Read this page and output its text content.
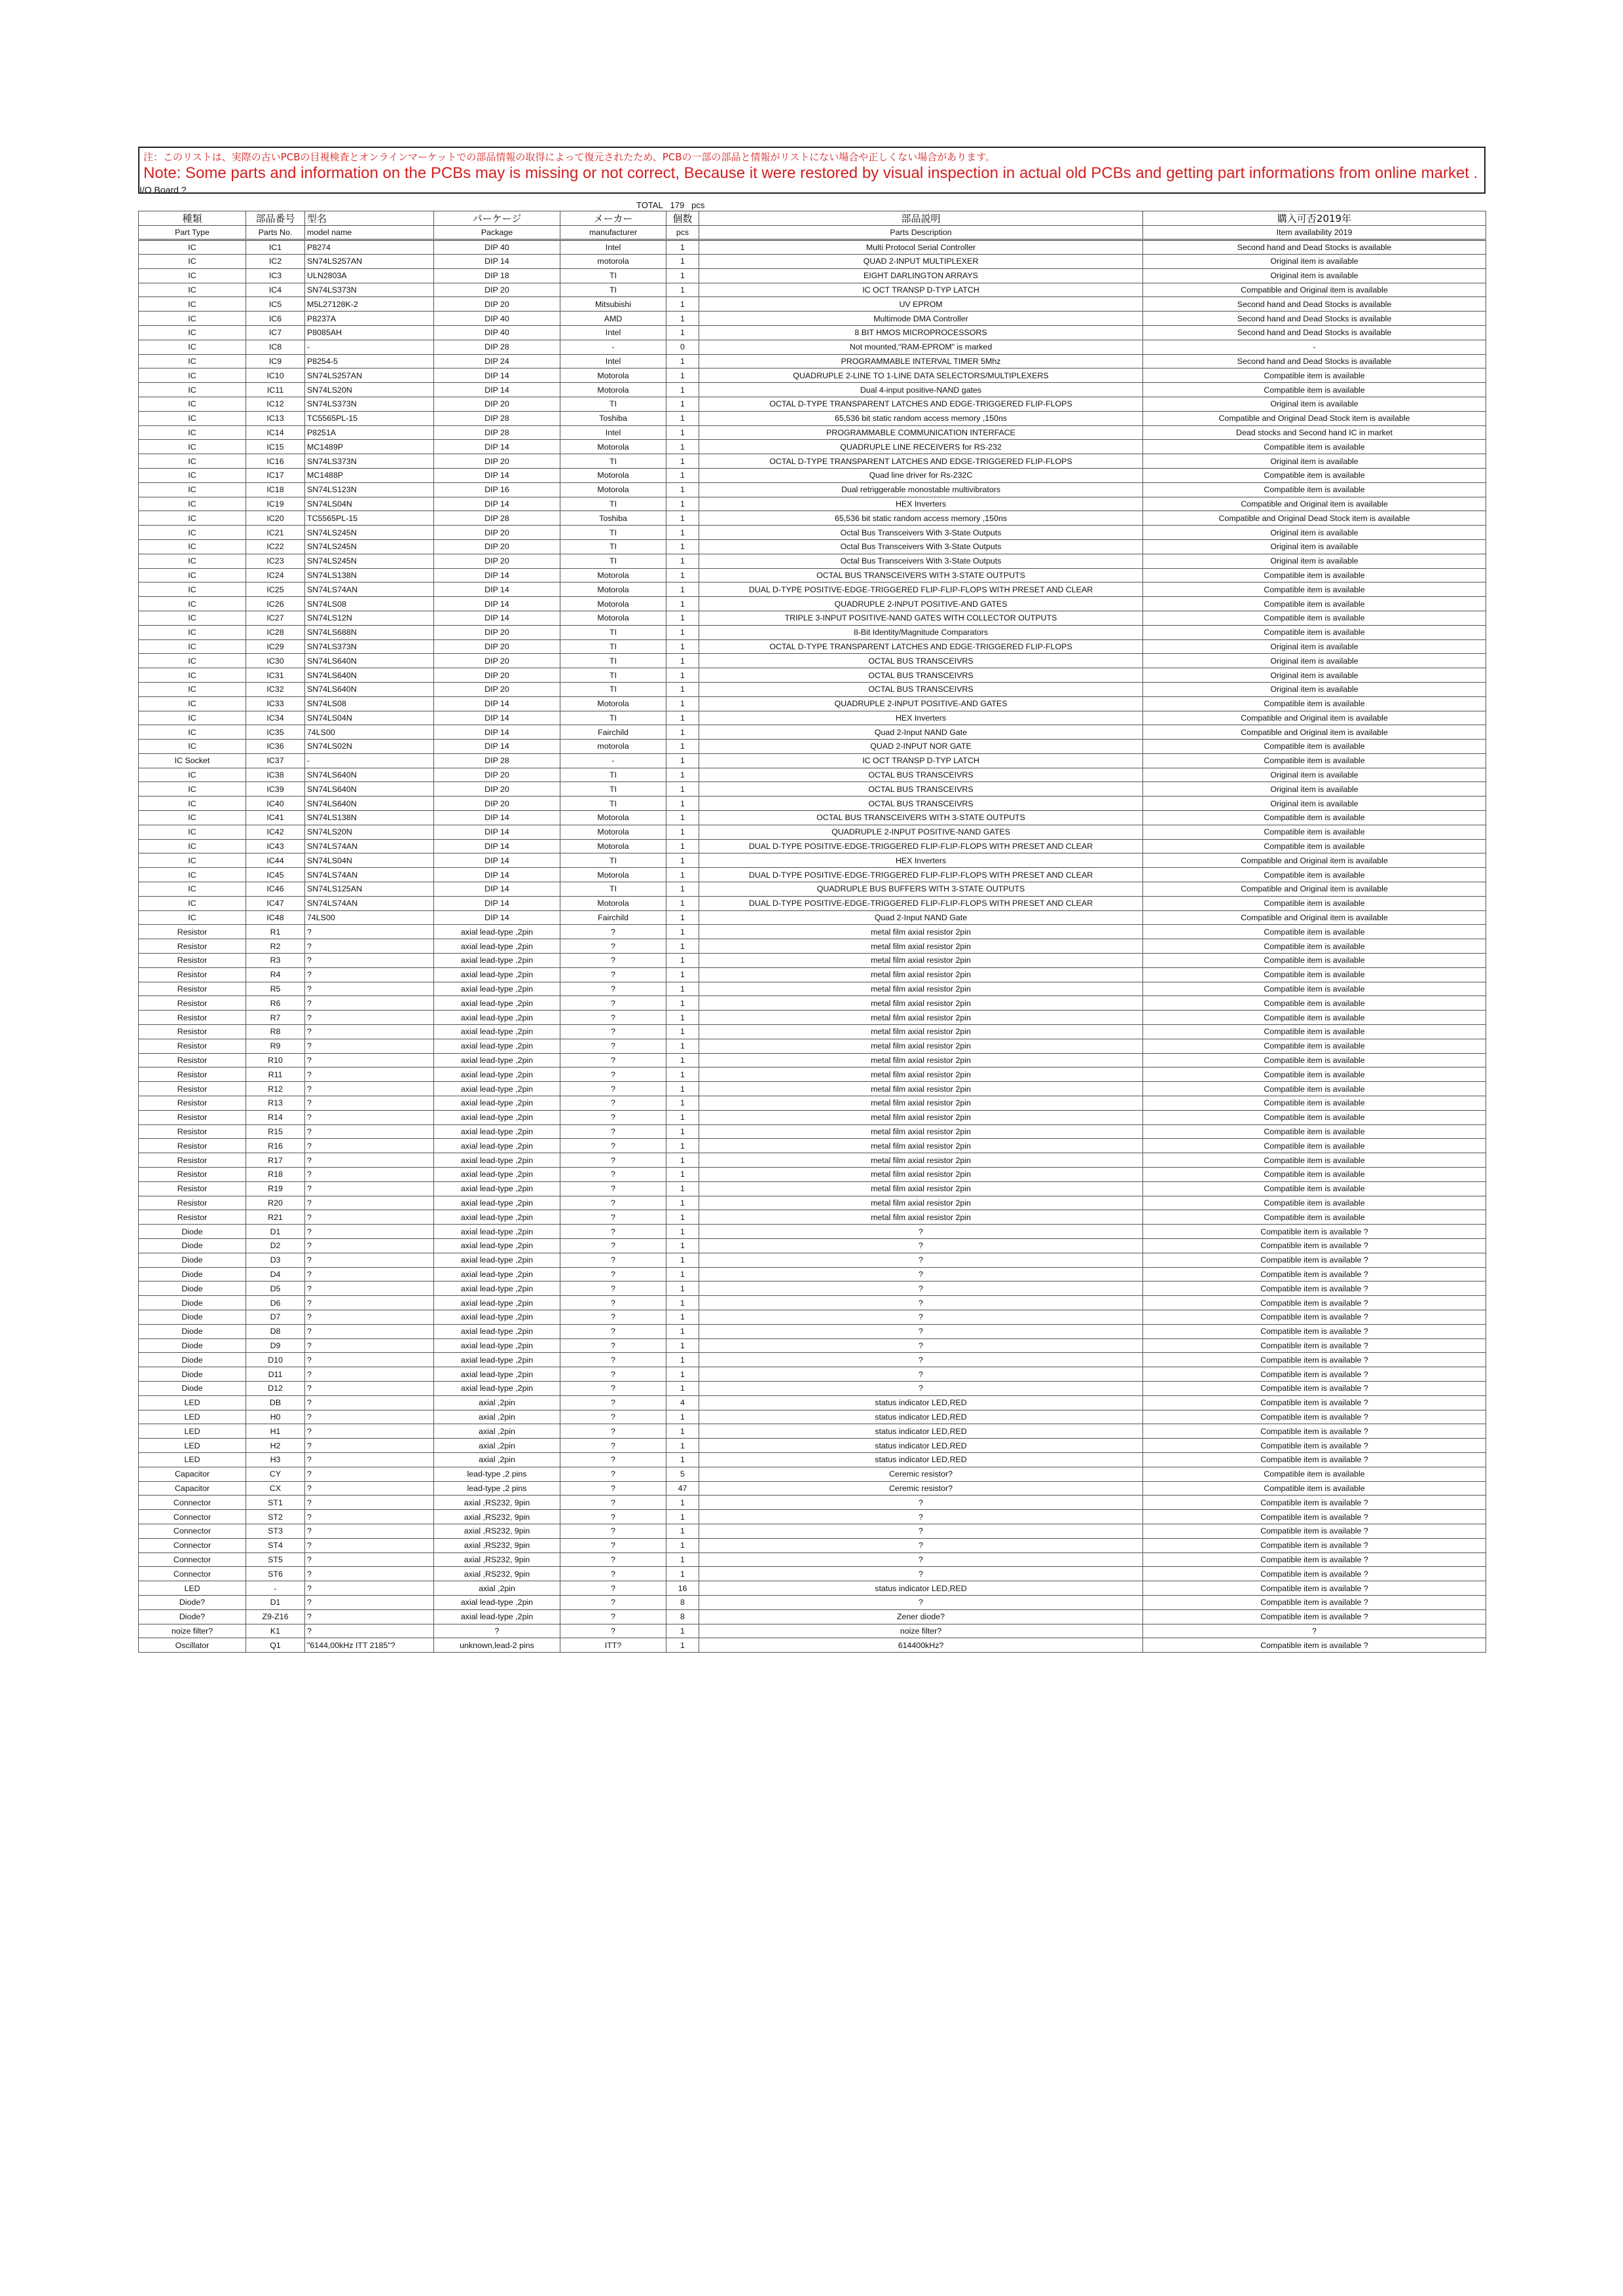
注：このリストは、実際の古いPCBの目視検査とオンラインマーケットでの部品情報の取得によって復元されたため、PCBの一部の部品と情報がリストにない場合や正しくない場合があります。
Note: Some parts and information on the PCBs may is missing or not correct, Because it were restored by visual inspection in actual old PCBs and getting part informations from online market .
I/O Board ?
TOTAL 179 pcs
種類	部品番号	型名	パーケージ	メーカー	個数	部品説明	購入可否2019年
Part Type	Parts No.	model name	Package	manufacturer	pcs	Parts Description	Item availability 2019
IC	IC1	P8274	DIP 40	Intel	1	Multi Protocol Serial Controller	Second hand and Dead Stocks is available
IC	IC2	SN74LS257AN	DIP 14	motorola	1	QUAD 2-INPUT MULTIPLEXER	Original item is available
IC	IC3	ULN2803A	DIP 18	TI	1	EIGHT DARLINGTON ARRAYS	Original item is available
IC	IC4	SN74LS373N	DIP 20	TI	1	IC OCT TRANSP D-TYP LATCH	Compatible and Original item is available
IC	IC5	M5L27128K-2	DIP 20	Mitsubishi	1	UV EPROM	Second hand and Dead Stocks is available
IC	IC6	P8237A	DIP 40	AMD	1	Multimode DMA Controller	Second hand and Dead Stocks is available
IC	IC7	P8085AH	DIP 40	Intel	1	8 BIT HMOS MICROPROCESSORS	Second hand and Dead Stocks is available
IC	IC8	-	DIP 28	-	0	Not mounted,"RAM-EPROM" is marked	-
IC	IC9	P8254-5	DIP 24	Intel	1	PROGRAMMABLE INTERVAL TIMER 5Mhz	Second hand and Dead Stocks is available
IC	IC10	SN74LS257AN	DIP 14	Motorola	1	QUADRUPLE 2-LINE TO 1-LINE DATA SELECTORS/MULTIPLEXERS	Compatible item is available
IC	IC11	SN74LS20N	DIP 14	Motorola	1	Dual 4-input positive-NAND gates	Compatible item is available
IC	IC12	SN74LS373N	DIP 20	TI	1	OCTAL D-TYPE TRANSPARENT LATCHES AND EDGE-TRIGGERED FLIP-FLOPS	Original item is available
IC	IC13	TC5565PL-15	DIP 28	Toshiba	1	65,536 bit static random access memory ,150ns	Compatible and Original Dead Stock item is available
IC	IC14	P8251A	DIP 28	Intel	1	PROGRAMMABLE COMMUNICATION INTERFACE	Dead stocks and Second hand IC in market
IC	IC15	MC1489P	DIP 14	Motorola	1	QUADRUPLE LINE RECEIVERS for RS-232	Compatible item is available
IC	IC16	SN74LS373N	DIP 20	TI	1	OCTAL D-TYPE TRANSPARENT LATCHES AND EDGE-TRIGGERED FLIP-FLOPS	Original item is available
IC	IC17	MC1488P	DIP 14	Motorola	1	Quad line driver for Rs-232C	Compatible item is available
IC	IC18	SN74LS123N	DIP 16	Motorola	1	Dual retriggerable monostable multivibrators	Compatible item is available
IC	IC19	SN74LS04N	DIP 14	TI	1	HEX Inverters	Compatible and Original item is available
IC	IC20	TC5565PL-15	DIP 28	Toshiba	1	65,536 bit static random access memory ,150ns	Compatible and Original Dead Stock item is available
IC	IC21	SN74LS245N	DIP 20	TI	1	Octal Bus Transceivers With 3-State Outputs	Original item is available
IC	IC22	SN74LS245N	DIP 20	TI	1	Octal Bus Transceivers With 3-State Outputs	Original item is available
IC	IC23	SN74LS245N	DIP 20	TI	1	Octal Bus Transceivers With 3-State Outputs	Original item is available
IC	IC24	SN74LS138N	DIP 14	Motorola	1	OCTAL BUS TRANSCEIVERS WITH 3-STATE OUTPUTS	Compatible item is available
IC	IC25	SN74LS74AN	DIP 14	Motorola	1	DUAL D-TYPE POSITIVE-EDGE-TRIGGERED FLIP-FLIP-FLOPS WITH PRESET AND CLEAR	Compatible item is available
IC	IC26	SN74LS08	DIP 14	Motorola	1	QUADRUPLE 2-INPUT POSITIVE-AND GATES	Compatible item is available
IC	IC27	SN74LS12N	DIP 14	Motorola	1	TRIPLE 3-INPUT POSITIVE-NAND GATES WITH COLLECTOR OUTPUTS	Compatible item is available
IC	IC28	SN74LS688N	DIP 20	TI	1	8-Bit Identity/Magnitude Comparators	Compatible item is available
IC	IC29	SN74LS373N	DIP 20	TI	1	OCTAL D-TYPE TRANSPARENT LATCHES AND EDGE-TRIGGERED FLIP-FLOPS	Original item is available
IC	IC30	SN74LS640N	DIP 20	TI	1	OCTAL BUS TRANSCEIVRS	Original item is available
IC	IC31	SN74LS640N	DIP 20	TI	1	OCTAL BUS TRANSCEIVRS	Original item is available
IC	IC32	SN74LS640N	DIP 20	TI	1	OCTAL BUS TRANSCEIVRS	Original item is available
IC	IC33	SN74LS08	DIP 14	Motorola	1	QUADRUPLE 2-INPUT POSITIVE-AND GATES	Compatible item is available
IC	IC34	SN74LS04N	DIP 14	TI	1	HEX Inverters	Compatible and Original item is available
IC	IC35	74LS00	DIP 14	Fairchild	1	Quad 2-Input NAND Gate	Compatible and Original item is available
IC	IC36	SN74LS02N	DIP 14	motorola	1	QUAD 2-INPUT NOR GATE	Compatible item is available
IC Socket	IC37	-	DIP 28	-	1	IC OCT TRANSP D-TYP LATCH	Compatible item is available
IC	IC38	SN74LS640N	DIP 20	TI	1	OCTAL BUS TRANSCEIVRS	Original item is available
IC	IC39	SN74LS640N	DIP 20	TI	1	OCTAL BUS TRANSCEIVRS	Original item is available
IC	IC40	SN74LS640N	DIP 20	TI	1	OCTAL BUS TRANSCEIVRS	Original item is available
IC	IC41	SN74LS138N	DIP 14	Motorola	1	OCTAL BUS TRANSCEIVERS WITH 3-STATE OUTPUTS	Compatible item is available
IC	IC42	SN74LS20N	DIP 14	Motorola	1	QUADRUPLE 2-INPUT POSITIVE-NAND GATES	Compatible item is available
IC	IC43	SN74LS74AN	DIP 14	Motorola	1	DUAL D-TYPE POSITIVE-EDGE-TRIGGERED FLIP-FLIP-FLOPS WITH PRESET AND CLEAR	Compatible item is available
IC	IC44	SN74LS04N	DIP 14	TI	1	HEX Inverters	Compatible and Original item is available
IC	IC45	SN74LS74AN	DIP 14	Motorola	1	DUAL D-TYPE POSITIVE-EDGE-TRIGGERED FLIP-FLIP-FLOPS WITH PRESET AND CLEAR	Compatible item is available
IC	IC46	SN74LS125AN	DIP 14	TI	1	QUADRUPLE BUS BUFFERS WITH 3-STATE OUTPUTS	Compatible and Original item is available
IC	IC47	SN74LS74AN	DIP 14	Motorola	1	DUAL D-TYPE POSITIVE-EDGE-TRIGGERED FLIP-FLIP-FLOPS WITH PRESET AND CLEAR	Compatible item is available
IC	IC48	74LS00	DIP 14	Fairchild	1	Quad 2-Input NAND Gate	Compatible and Original item is available
Resistor	R1	?	axial lead-type ,2pin	?	1	metal film axial resistor 2pin	Compatible item is available
Resistor	R2	?	axial lead-type ,2pin	?	1	metal film axial resistor 2pin	Compatible item is available
Resistor	R3	?	axial lead-type ,2pin	?	1	metal film axial resistor 2pin	Compatible item is available
Resistor	R4	?	axial lead-type ,2pin	?	1	metal film axial resistor 2pin	Compatible item is available
Resistor	R5	?	axial lead-type ,2pin	?	1	metal film axial resistor 2pin	Compatible item is available
Resistor	R6	?	axial lead-type ,2pin	?	1	metal film axial resistor 2pin	Compatible item is available
Resistor	R7	?	axial lead-type ,2pin	?	1	metal film axial resistor 2pin	Compatible item is available
Resistor	R8	?	axial lead-type ,2pin	?	1	metal film axial resistor 2pin	Compatible item is available
Resistor	R9	?	axial lead-type ,2pin	?	1	metal film axial resistor 2pin	Compatible item is available
Resistor	R10	?	axial lead-type ,2pin	?	1	metal film axial resistor 2pin	Compatible item is available
Resistor	R11	?	axial lead-type ,2pin	?	1	metal film axial resistor 2pin	Compatible item is available
Resistor	R12	?	axial lead-type ,2pin	?	1	metal film axial resistor 2pin	Compatible item is available
Resistor	R13	?	axial lead-type ,2pin	?	1	metal film axial resistor 2pin	Compatible item is available
Resistor	R14	?	axial lead-type ,2pin	?	1	metal film axial resistor 2pin	Compatible item is available
Resistor	R15	?	axial lead-type ,2pin	?	1	metal film axial resistor 2pin	Compatible item is available
Resistor	R16	?	axial lead-type ,2pin	?	1	metal film axial resistor 2pin	Compatible item is available
Resistor	R17	?	axial lead-type ,2pin	?	1	metal film axial resistor 2pin	Compatible item is available
Resistor	R18	?	axial lead-type ,2pin	?	1	metal film axial resistor 2pin	Compatible item is available
Resistor	R19	?	axial lead-type ,2pin	?	1	metal film axial resistor 2pin	Compatible item is available
Resistor	R20	?	axial lead-type ,2pin	?	1	metal film axial resistor 2pin	Compatible item is available
Resistor	R21	?	axial lead-type ,2pin	?	1	metal film axial resistor 2pin	Compatible item is available
Diode	D1	?	axial lead-type ,2pin	?	1	?	Compatible item is available ?
Diode	D2	?	axial lead-type ,2pin	?	1	?	Compatible item is available ?
Diode	D3	?	axial lead-type ,2pin	?	1	?	Compatible item is available ?
Diode	D4	?	axial lead-type ,2pin	?	1	?	Compatible item is available ?
Diode	D5	?	axial lead-type ,2pin	?	1	?	Compatible item is available ?
Diode	D6	?	axial lead-type ,2pin	?	1	?	Compatible item is available ?
Diode	D7	?	axial lead-type ,2pin	?	1	?	Compatible item is available ?
Diode	D8	?	axial lead-type ,2pin	?	1	?	Compatible item is available ?
Diode	D9	?	axial lead-type ,2pin	?	1	?	Compatible item is available ?
Diode	D10	?	axial lead-type ,2pin	?	1	?	Compatible item is available ?
Diode	D11	?	axial lead-type ,2pin	?	1	?	Compatible item is available ?
Diode	D12	?	axial lead-type ,2pin	?	1	?	Compatible item is available ?
LED	DB	?	axial ,2pin	?	4	status indicator LED,RED	Compatible item is available ?
LED	H0	?	axial ,2pin	?	1	status indicator LED,RED	Compatible item is available ?
LED	H1	?	axial ,2pin	?	1	status indicator LED,RED	Compatible item is available ?
LED	H2	?	axial ,2pin	?	1	status indicator LED,RED	Compatible item is available ?
LED	H3	?	axial ,2pin	?	1	status indicator LED,RED	Compatible item is available ?
Capacitor	CY	?	lead-type ,2 pins	?	5	Ceremic resistor?	Compatible item is available
Capacitor	CX	?	lead-type ,2 pins	?	47	Ceremic resistor?	Compatible item is available
Connector	ST1	?	axial ,RS232, 9pin	?	1	?	Compatible item is available ?
Connector	ST2	?	axial ,RS232, 9pin	?	1	?	Compatible item is available ?
Connector	ST3	?	axial ,RS232, 9pin	?	1	?	Compatible item is available ?
Connector	ST4	?	axial ,RS232, 9pin	?	1	?	Compatible item is available ?
Connector	ST5	?	axial ,RS232, 9pin	?	1	?	Compatible item is available ?
Connector	ST6	?	axial ,RS232, 9pin	?	1	?	Compatible item is available ?
LED	-	?	axial ,2pin	?	16	status indicator LED,RED	Compatible item is available ?
Diode?	D1	?	axial lead-type ,2pin	?	8	?	Compatible item is available ?
Diode?	Z9-Z16	?	axial lead-type ,2pin	?	8	Zener diode?	Compatible item is available ?
noize filter?	K1	?	?	?	1	noize filter?	?
Oscillator	Q1	"6144,00kHz ITT 2185"?	unknown,lead-2 pins	ITT?	1	614400kHz?	Compatible item is available ?
